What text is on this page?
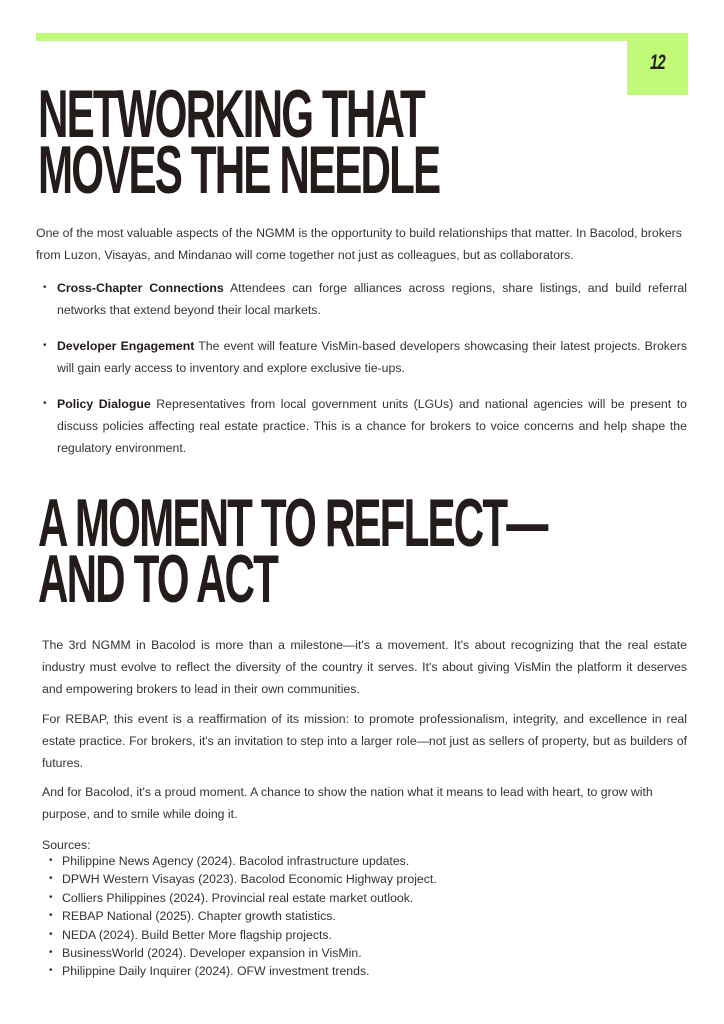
12
NETWORKING THAT
MOVES THE NEEDLE

One of the most valuable aspects of the NGMM is the opportunity to build relationships that matter. In Bacolod, brokers from Luzon, Visayas, and Mindanao will come together not just as colleagues, but as collaborators.

• Cross-Chapter Connections Attendees can forge alliances across regions, share listings, and build referral networks that extend beyond their local markets.
• Developer Engagement The event will feature VisMin-based developers showcasing their latest projects. Brokers will gain early access to inventory and explore exclusive tie-ups.
• Policy Dialogue Representatives from local government units (LGUs) and national agencies will be present to discuss policies affecting real estate practice. This is a chance for brokers to voice concerns and help shape the regulatory environment.
A MOMENT TO REFLECT—
AND TO ACT

The 3rd NGMM in Bacolod is more than a milestone—it's a movement. It's about recognizing that the real estate industry must evolve to reflect the diversity of the country it serves. It's about giving VisMin the platform it deserves and empowering brokers to lead in their own communities.

For REBAP, this event is a reaffirmation of its mission: to promote professionalism, integrity, and excellence in real estate practice. For brokers, it's an invitation to step into a larger role—not just as sellers of property, but as builders of futures.

And for Bacolod, it's a proud moment. A chance to show the nation what it means to lead with heart, to grow with purpose, and to smile while doing it.

Sources:

• Philippine News Agency (2024). Bacolod infrastructure updates.
• DPWH Western Visayas (2023). Bacolod Economic Highway project.
• Colliers Philippines (2024). Provincial real estate market outlook.
• REBAP National (2025). Chapter growth statistics.
• NEDA (2024). Build Better More flagship projects.
• BusinessWorld (2024). Developer expansion in VisMin.
• Philippine Daily Inquirer (2024). OFW investment trends.
